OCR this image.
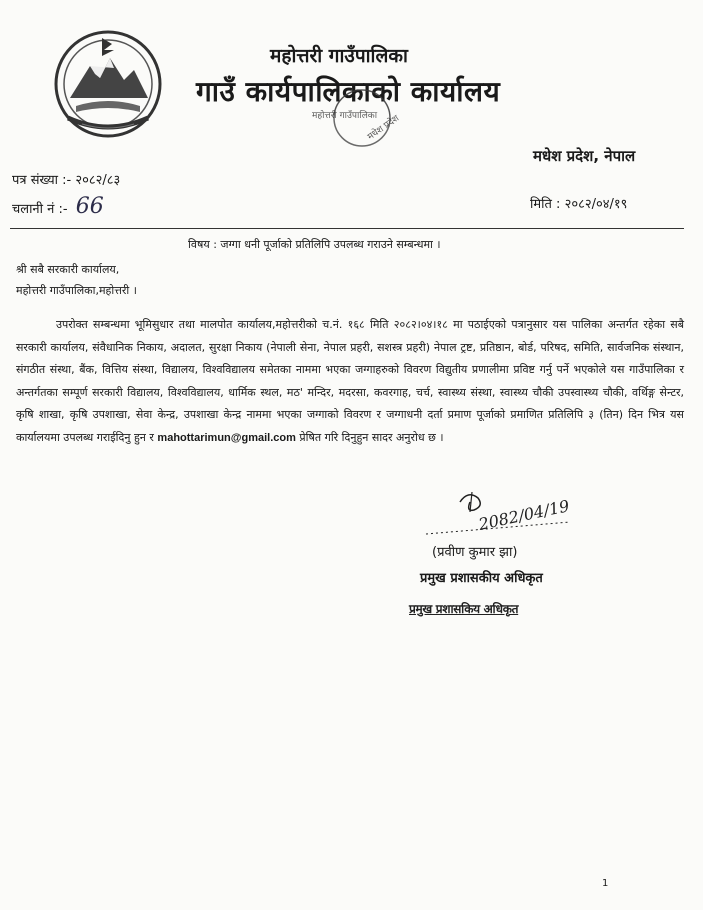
महोत्तरी गाउँपालिका
गाउँ कार्यपालिकाको कार्यालय
महोत्तरी गाउँपालिका
मधेश प्रदेश
मधेश प्रदेश, नेपाल
पत्र संख्या :- २०८२/८३
चलानी नं :- 66	मिति : २०८२/०४/१९
विषय : जग्गा धनी पूर्जाको प्रतिलिपि उपलब्ध गराउने सम्बन्धमा ।
श्री सबै सरकारी कार्यालय,
महोत्तरी गाउँपालिका,महोत्तरी ।
उपरोक्त सम्बन्धमा भूमिसुधार तथा मालपोत कार्यालय,महोत्तरीको च.नं. १६८ मिति २०८२।०४।१८ मा पठाईएको पत्रानुसार यस पालिका अन्तर्गत रहेका सबै सरकारी कार्यालय, संवैधानिक निकाय, अदालत, सुरक्षा निकाय (नेपाली सेना, नेपाल प्रहरी, सशस्त्र प्रहरी) नेपाल ट्रष्ट, प्रतिष्ठान, बोर्ड, परिषद, समिति, सार्वजनिक संस्थान, संगठीत संस्था, बैंक, वित्तिय संस्था, विद्यालय, विश्वविद्यालय समेतका नाममा भएका जग्गाहरुको विवरण विद्युतीय प्रणालीमा प्रविष्ट गर्नु पर्ने भएकोले यस गाउँपालिका र अन्तर्गतका सम्पूर्ण सरकारी विद्यालय, विश्वविद्यालय, धार्मिक स्थल, मठ' मन्दिर, मदरसा, कवरगाह, चर्च, स्वास्थ्य संस्था, स्वास्थ्य चौकी उपस्वास्थ्य चौकी, वर्थिङ्ग सेन्टर, कृषि शाखा, कृषि उपशाखा, सेवा केन्द्र, उपशाखा केन्द्र नाममा भएका जग्गाको विवरण र जग्गाधनी दर्ता प्रमाण पूर्जाको प्रमाणित प्रतिलिपि ३ (तिन) दिन भित्र यस कार्यालयमा उपलब्ध गराईदिनु हुन र mahottarimun@gmail.com प्रेषित गरि दिनुहुन सादर अनुरोध छ ।
2082/04/19
(प्रवीण कुमार झा)
प्रमुख प्रशासकीय अधिकृत
प्रमुख प्रशासकिय अधिकृत
1
